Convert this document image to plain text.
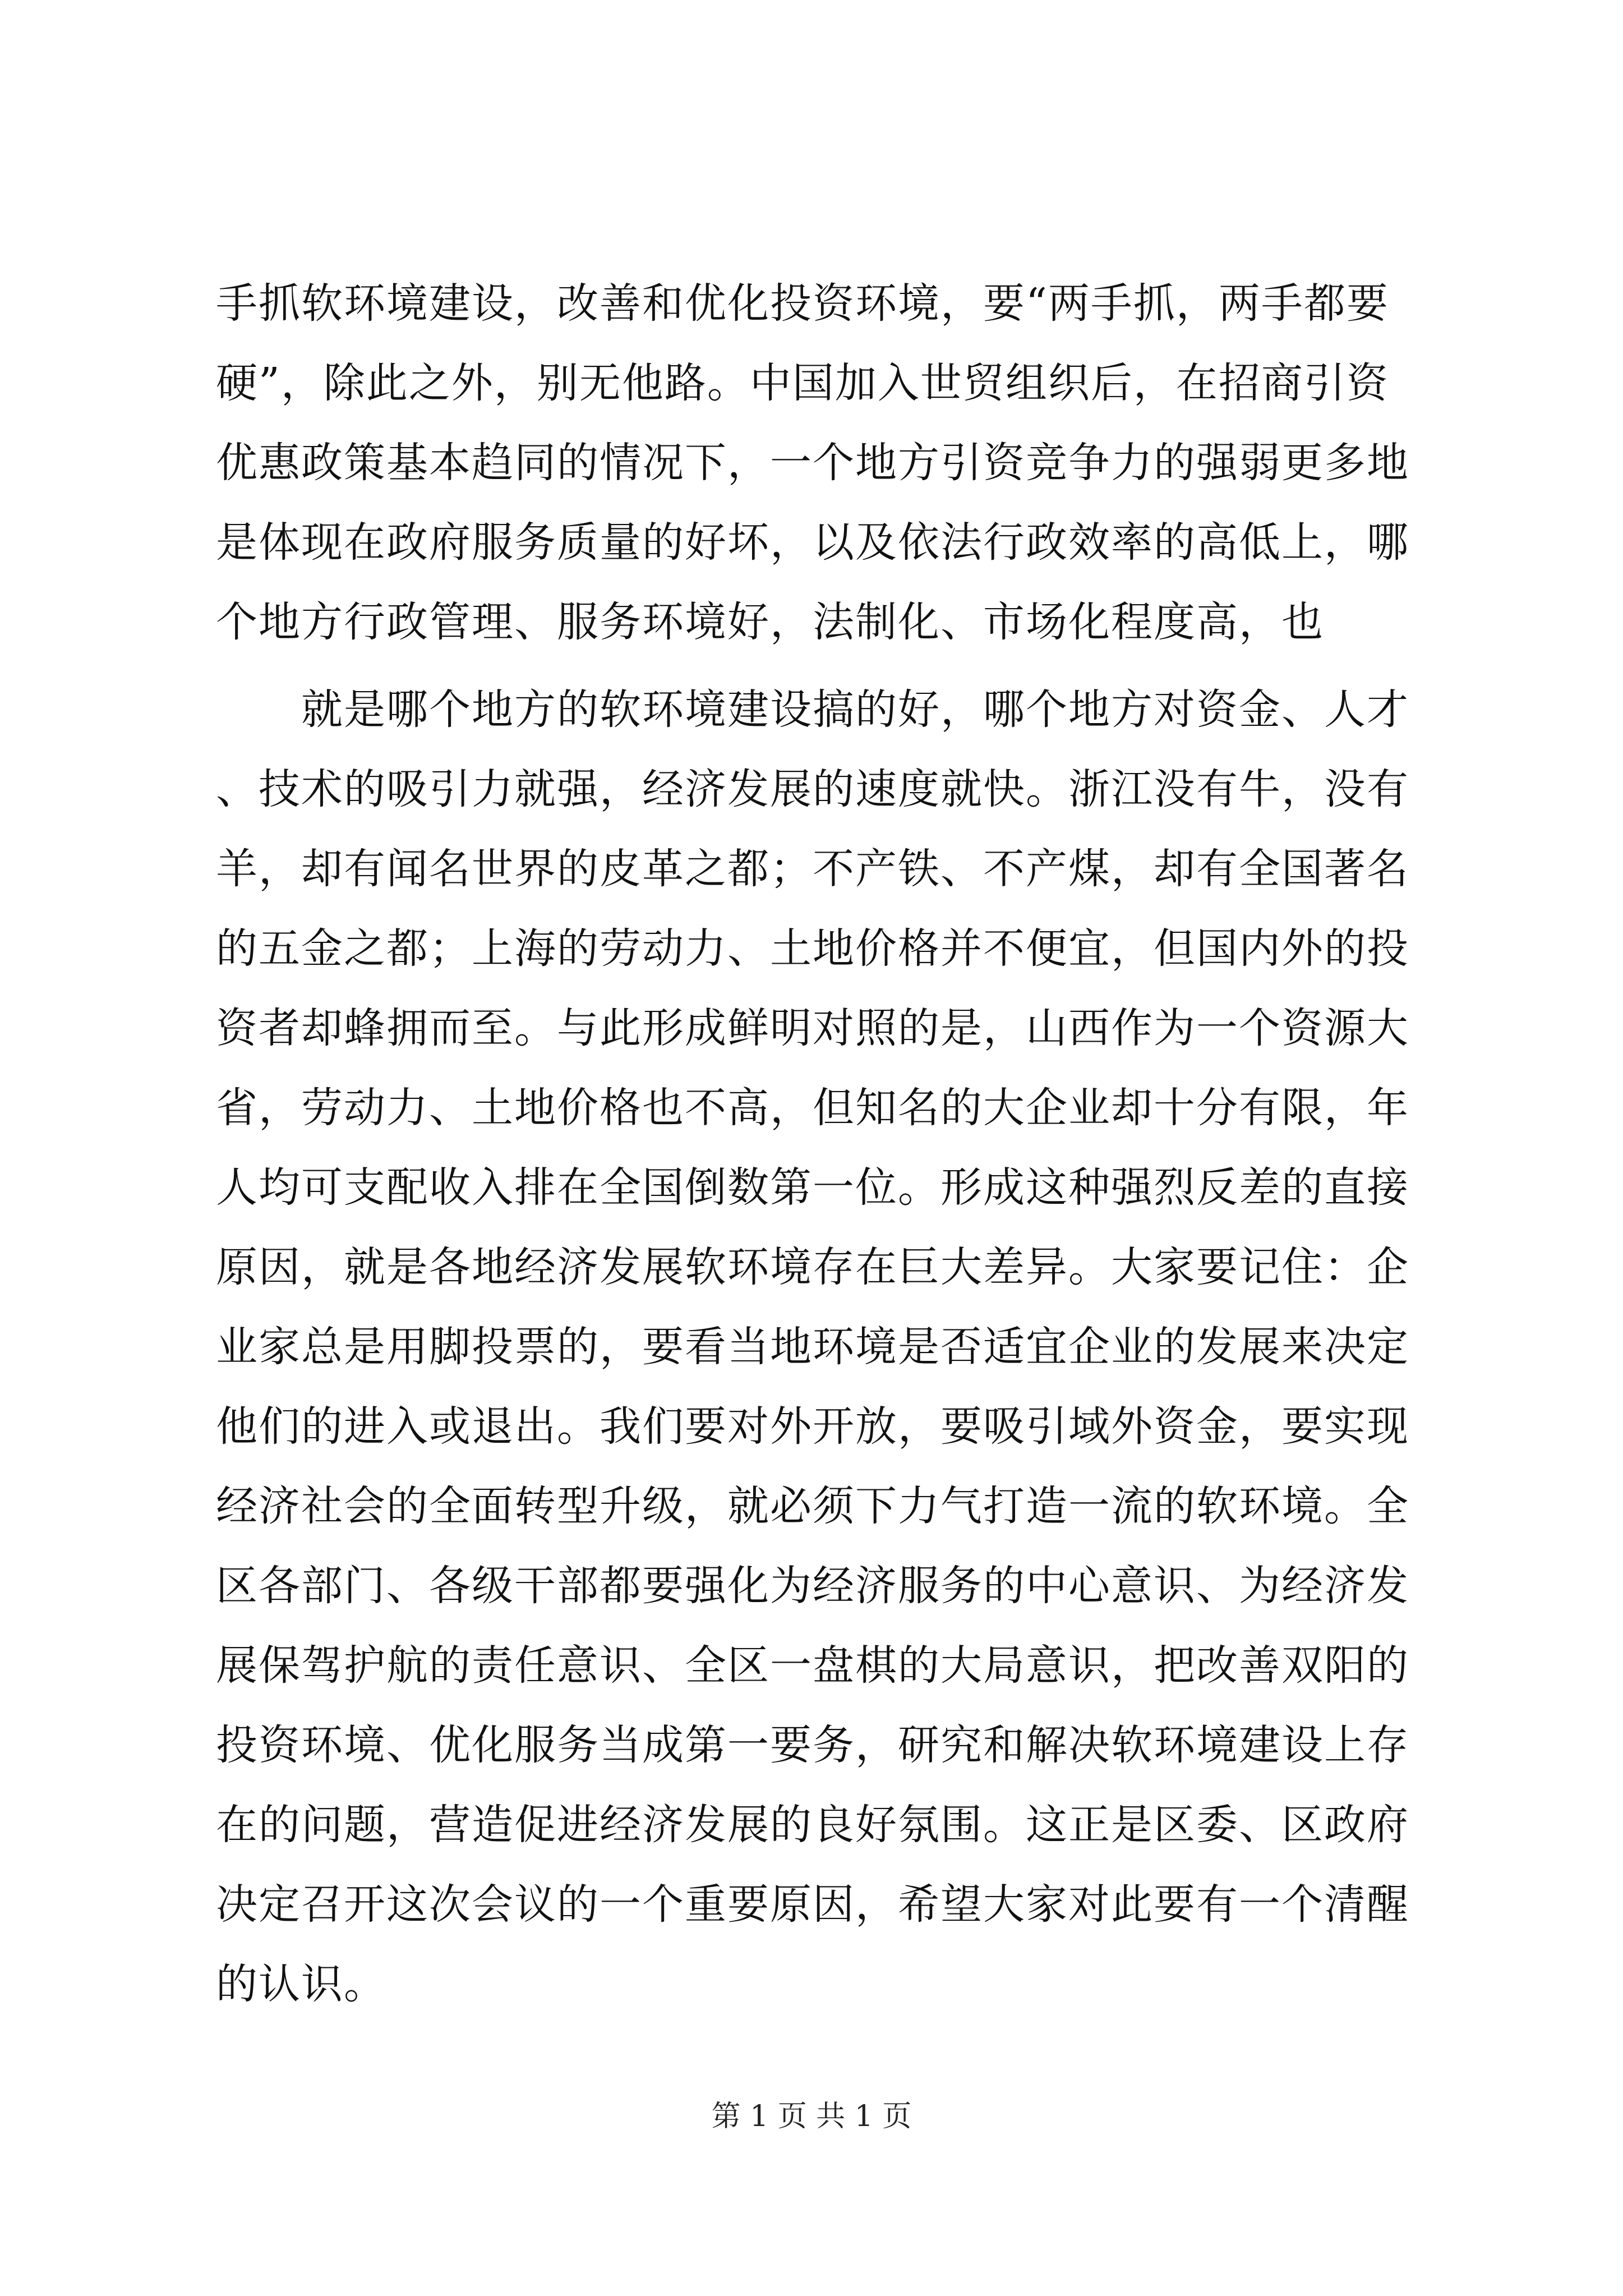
手抓软环境建设，改善和优化投资环境，要“两手抓，两手都要硬”，除此之外，别无他路。中国加入世贸组织后，在招商引资优惠政策基本趋同的情况下，一个地方引资竞争力的强弱更多地是体现在政府服务质量的好坏，以及依法行政效率的高低上，哪个地方行政管理、服务环境好，法制化、市场化程度高，也

就是哪个地方的软环境建设搞的好，哪个地方对资金、人才、技术的吸引力就强，经济发展的速度就快。浙江没有牛，没有羊，却有闻名世界的皮革之都；不产铁、不产煤，却有全国著名的五金之都；上海的劳动力、土地价格并不便宜，但国内外的投资者却蜂拥而至。与此形成鲜明对照的是，山西作为一个资源大省，劳动力、土地价格也不高，但知名的大企业却十分有限，年人均可支配收入排在全国倒数第一位。形成这种强烈反差的直接原因，就是各地经济发展软环境存在巨大差异。大家要记住：企业家总是用脚投票的，要看当地环境是否适宜企业的发展来决定他们的进入或退出。我们要对外开放，要吸引域外资金，要实现经济社会的全面转型升级，就必须下力气打造一流的软环境。全区各部门、各级干部都要强化为经济服务的中心意识、为经济发展保驾护航的责任意识、全区一盘棋的大局意识，把改善双阳的投资环境、优化服务当成第一要务，研究和解决软环境建设上存在的问题，营造促进经济发展的良好氛围。这正是区委、区政府决定召开这次会议的一个重要原因，希望大家对此要有一个清醒的认识。

第 1 页 共 1 页
